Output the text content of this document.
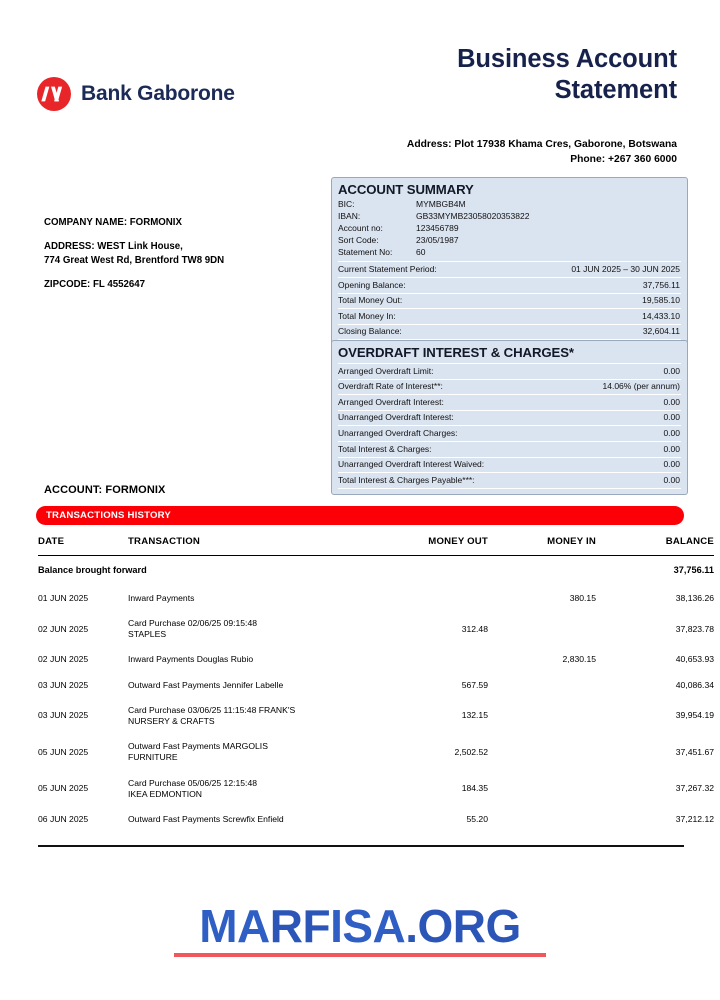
Bank Gaborone
Business Account
Statement
Address: Plot 17938 Khama Cres, Gaborone, Botswana
Phone: +267 360 6000
COMPANY NAME: FORMONIX
ADDRESS: WEST Link House,
774 Great West Rd, Brentford TW8 9DN
ZIPCODE: FL 4552647
ACCOUNT SUMMARY
BIC:	MYMBGB4M
IBAN:	GB33MYMB23058020353822
Account no:	123456789
Sort Code:	23/05/1987
Statement No:	60
Current Statement Period:	01 JUN 2025 – 30 JUN 2025
Opening Balance:	37,756.11
Total Money Out:	19,585.10
Total Money In:	14,433.10
Closing Balance:	32,604.11
OVERDRAFT INTEREST & CHARGES*
Arranged Overdraft Limit:	0.00
Overdraft Rate of Interest**:	14.06% (per annum)
Arranged Overdraft Interest:	0.00
Unarranged Overdraft Interest:	0.00
Unarranged Overdraft Charges:	0.00
Total Interest & Charges:	0.00
Unarranged Overdraft Interest Waived:	0.00
Total Interest & Charges Payable***:	0.00
ACCOUNT: FORMONIX
TRANSACTIONS HISTORY
DATE	TRANSACTION	MONEY OUT	MONEY IN	BALANCE
Balance brought forward				37,756.11
01 JUN 2025	Inward Payments		380.15	38,136.26
02 JUN 2025	Card Purchase 02/06/25 09:15:48
STAPLES	312.48		37,823.78
02 JUN 2025	Inward Payments Douglas Rubio		2,830.15	40,653.93
03 JUN 2025	Outward Fast Payments Jennifer Labelle	567.59		40,086.34
03 JUN 2025	Card Purchase 03/06/25 11:15:48 FRANK'S
NURSERY & CRAFTS	132.15		39,954.19
05 JUN 2025	Outward Fast Payments MARGOLIS
FURNITURE	2,502.52		37,451.67
05 JUN 2025	Card Purchase 05/06/25 12:15:48
IKEA EDMONTION	184.35		37,267.32
06 JUN 2025	Outward Fast Payments Screwfix Enfield	55.20		37,212.12
MARFISA.ORG
